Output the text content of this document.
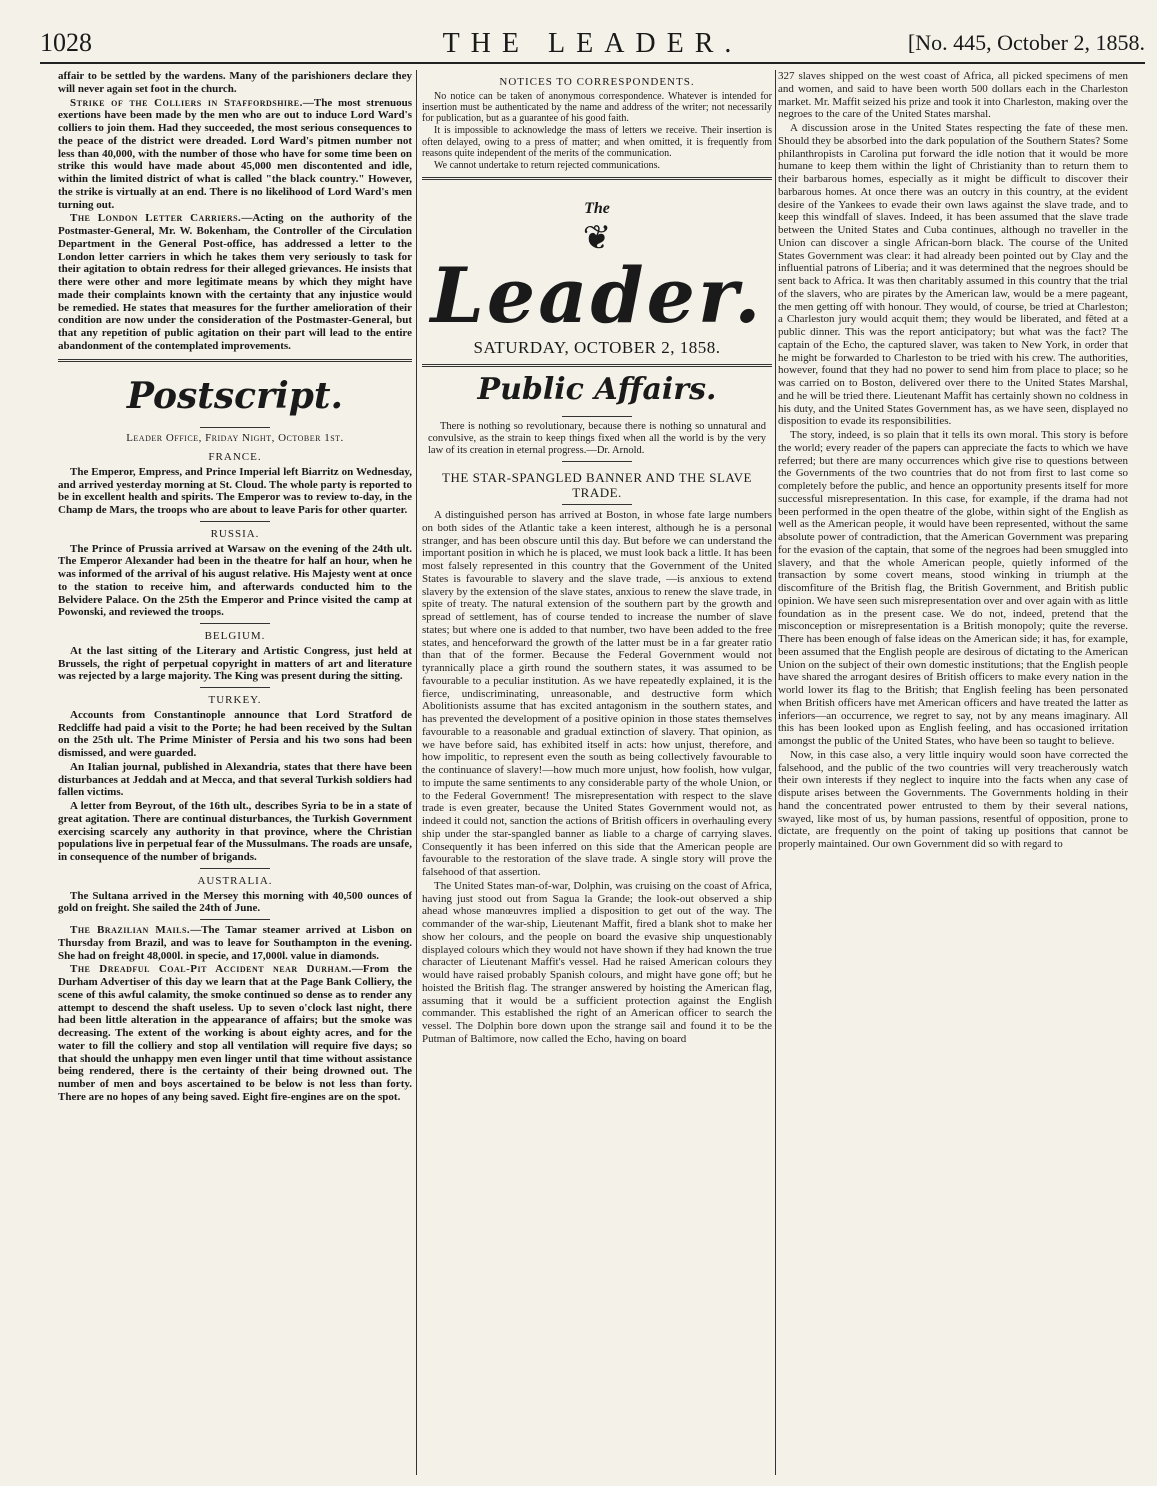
1028	THE LEADER.	[No. 445, October 2, 1858.

affair to be settled by the wardens. Many of the parishioners declare they will never again set foot in the church.

Strike of the Colliers in Staffordshire.—The most strenuous exertions have been made by the men who are out to induce Lord Ward's colliers to join them. Had they succeeded, the most serious consequences to the peace of the district were dreaded. Lord Ward's pitmen number not less than 40,000, with the number of those who have for some time been on strike this would have made about 45,000 men discontented and idle, within the limited district of what is called "the black country." However, the strike is virtually at an end. There is no likelihood of Lord Ward's men turning out.

The London Letter Carriers.—Acting on the authority of the Postmaster-General, Mr. W. Bokenham, the Controller of the Circulation Department in the General Post-office, has addressed a letter to the London letter carriers in which he takes them very seriously to task for their agitation to obtain redress for their alleged grievances. He insists that there were other and more legitimate means by which they might have made their complaints known with the certainty that any injustice would be remedied. He states that measures for the further amelioration of their condition are now under the consideration of the Postmaster-General, but that any repetition of public agitation on their part will lead to the entire abandonment of the contemplated improvements.

Postscript.

Leader Office, Friday Night, October 1st.

FRANCE.

The Emperor, Empress, and Prince Imperial left Biarritz on Wednesday, and arrived yesterday morning at St. Cloud. The whole party is reported to be in excellent health and spirits. The Emperor was to review to-day, in the Champ de Mars, the troops who are about to leave Paris for other quarter.

RUSSIA.

The Prince of Prussia arrived at Warsaw on the evening of the 24th ult. The Emperor Alexander had been in the theatre for half an hour, when he was informed of the arrival of his august relative. His Majesty went at once to the station to receive him, and afterwards conducted him to the Belvidere Palace. On the 25th the Emperor and Prince visited the camp at Powonski, and reviewed the troops.

BELGIUM.

At the last sitting of the Literary and Artistic Congress, just held at Brussels, the right of perpetual copyright in matters of art and literature was rejected by a large majority. The King was present during the sitting.

TURKEY.

Accounts from Constantinople announce that Lord Stratford de Redcliffe had paid a visit to the Porte; he had been received by the Sultan on the 25th ult. The Prime Minister of Persia and his two sons had been dismissed, and were guarded.

An Italian journal, published in Alexandria, states that there have been disturbances at Jeddah and at Mecca, and that several Turkish soldiers had fallen victims.

A letter from Beyrout, of the 16th ult., describes Syria to be in a state of great agitation. There are continual disturbances, the Turkish Government exercising scarcely any authority in that province, where the Christian populations live in perpetual fear of the Mussulmans. The roads are unsafe, in consequence of the number of brigands.

AUSTRALIA.

The Sultana arrived in the Mersey this morning with 40,500 ounces of gold on freight. She sailed the 24th of June.

The Brazilian Mails.—The Tamar steamer arrived at Lisbon on Thursday from Brazil, and was to leave for Southampton in the evening. She had on freight 48,000l. in specie, and 17,000l. value in diamonds.

The Dreadful Coal-Pit Accident near Durham.—From the Durham Advertiser of this day we learn that at the Page Bank Colliery, the scene of this awful calamity, the smoke continued so dense as to render any attempt to descend the shaft useless. Up to seven o'clock last night, there had been little alteration in the appearance of affairs; but the smoke was decreasing. The extent of the working is about eighty acres, and for the water to fill the colliery and stop all ventilation will require five days; so that should the unhappy men even linger until that time without assistance being rendered, there is the certainty of their being drowned out. The number of men and boys ascertained to be below is not less than forty. There are no hopes of any being saved. Eight fire-engines are on the spot.

NOTICES TO CORRESPONDENTS.

No notice can be taken of anonymous correspondence. Whatever is intended for insertion must be authenticated by the name and address of the writer; not necessarily for publication, but as a guarantee of his good faith.

It is impossible to acknowledge the mass of letters we receive. Their insertion is often delayed, owing to a press of matter; and when omitted, it is frequently from reasons quite independent of the merits of the communication.

We cannot undertake to return rejected communications.

The
❦ Leader.
SATURDAY, OCTOBER 2, 1858.
Public Affairs.

There is nothing so revolutionary, because there is nothing so unnatural and convulsive, as the strain to keep things fixed when all the world is by the very law of its creation in eternal progress.—Dr. Arnold.

THE STAR-SPANGLED BANNER AND THE SLAVE TRADE.

A distinguished person has arrived at Boston, in whose fate large numbers on both sides of the Atlantic take a keen interest, although he is a personal stranger, and has been obscure until this day. But before we can understand the important position in which he is placed, we must look back a little. It has been most falsely represented in this country that the Government of the United States is favourable to slavery and the slave trade, —is anxious to extend slavery by the extension of the slave states, anxious to renew the slave trade, in spite of treaty. The natural extension of the southern part by the growth and spread of settlement, has of course tended to increase the number of slave states; but where one is added to that number, two have been added to the free states, and henceforward the growth of the latter must be in a far greater ratio than that of the former. Because the Federal Government would not tyrannically place a girth round the southern states, it was assumed to be favourable to a peculiar institution. As we have repeatedly explained, it is the fierce, undiscriminating, unreasonable, and destructive form which Abolitionists assume that has excited antagonism in the southern states, and has prevented the development of a positive opinion in those states themselves favourable to a reasonable and gradual extinction of slavery. That opinion, as we have before said, has exhibited itself in acts: how unjust, therefore, and how impolitic, to represent even the south as being collectively favourable to the continuance of slavery!—how much more unjust, how foolish, how vulgar, to impute the same sentiments to any considerable party of the whole Union, or to the Federal Government! The misrepresentation with respect to the slave trade is even greater, because the United States Government would not, as indeed it could not, sanction the actions of British officers in overhauling every ship under the star-spangled banner as liable to a charge of carrying slaves. Consequently it has been inferred on this side that the American people are favourable to the restoration of the slave trade. A single story will prove the falsehood of that assertion.

The United States man-of-war, Dolphin, was cruising on the coast of Africa, having just stood out from Sagua la Grande; the look-out observed a ship ahead whose manœuvres implied a disposition to get out of the way. The commander of the war-ship, Lieutenant Maffit, fired a blank shot to make her show her colours, and the people on board the evasive ship unquestionably displayed colours which they would not have shown if they had known the true character of Lieutenant Maffit's vessel. Had he raised American colours they would have raised probably Spanish colours, and might have gone off; but he hoisted the British flag. The stranger answered by hoisting the American flag, assuming that it would be a sufficient protection against the English commander. This established the right of an American officer to search the vessel. The Dolphin bore down upon the strange sail and found it to be the Putman of Baltimore, now called the Echo, having on board

327 slaves shipped on the west coast of Africa, all picked specimens of men and women, and said to have been worth 500 dollars each in the Charleston market. Mr. Maffit seized his prize and took it into Charleston, making over the negroes to the care of the United States marshal.

A discussion arose in the United States respecting the fate of these men. Should they be absorbed into the dark population of the Southern States? Some philanthropists in Carolina put forward the idle notion that it would be more humane to keep them within the light of Christianity than to return them to their barbarous homes, especially as it might be difficult to discover their barbarous homes. At once there was an outcry in this country, at the evident desire of the Yankees to evade their own laws against the slave trade, and to keep this windfall of slaves. Indeed, it has been assumed that the slave trade between the United States and Cuba continues, although no traveller in the Union can discover a single African-born black. The course of the United States Government was clear: it had already been pointed out by Clay and the influential patrons of Liberia; and it was determined that the negroes should be sent back to Africa. It was then charitably assumed in this country that the trial of the slavers, who are pirates by the American law, would be a mere pageant, the men getting off with honour. They would, of course, be tried at Charleston; a Charleston jury would acquit them; they would be liberated, and fêted at a public dinner. This was the report anticipatory; but what was the fact? The captain of the Echo, the captured slaver, was taken to New York, in order that he might be forwarded to Charleston to be tried with his crew. The authorities, however, found that they had no power to send him from place to place; so he was carried on to Boston, delivered over there to the United States Marshal, and he will be tried there. Lieutenant Maffit has certainly shown no coldness in his duty, and the United States Government has, as we have seen, displayed no disposition to evade its responsibilities.

The story, indeed, is so plain that it tells its own moral. This story is before the world; every reader of the papers can appreciate the facts to which we have referred; but there are many occurrences which give rise to questions between the Governments of the two countries that do not from first to last come so completely before the public, and hence an opportunity presents itself for more successful misrepresentation. In this case, for example, if the drama had not been performed in the open theatre of the globe, within sight of the English as well as the American people, it would have been represented, without the same absolute power of contradiction, that the American Government was preparing for the evasion of the captain, that some of the negroes had been smuggled into slavery, and that the whole American people, quietly informed of the transaction by some covert means, stood winking in triumph at the discomfiture of the British flag, the British Government, and British public opinion. We have seen such misrepresentation over and over again with as little foundation as in the present case. We do not, indeed, pretend that the misconception or misrepresentation is a British monopoly; quite the reverse. There has been enough of false ideas on the American side; it has, for example, been assumed that the English people are desirous of dictating to the American Union on the subject of their own domestic institutions; that the English people have shared the arrogant desires of British officers to make every nation in the world lower its flag to the British; that English feeling has been personated when British officers have met American officers and have treated the latter as inferiors—an occurrence, we regret to say, not by any means imaginary. All this has been looked upon as English feeling, and has occasioned irritation amongst the public of the United States, who have been so taught to believe.

Now, in this case also, a very little inquiry would soon have corrected the falsehood, and the public of the two countries will very treacherously watch their own interests if they neglect to inquire into the facts when any case of dispute arises between the Governments. The Governments holding in their hand the concentrated power entrusted to them by their several nations, swayed, like most of us, by human passions, resentful of opposition, prone to dictate, are frequently on the point of taking up positions that cannot be properly maintained. Our own Government did so with regard to
